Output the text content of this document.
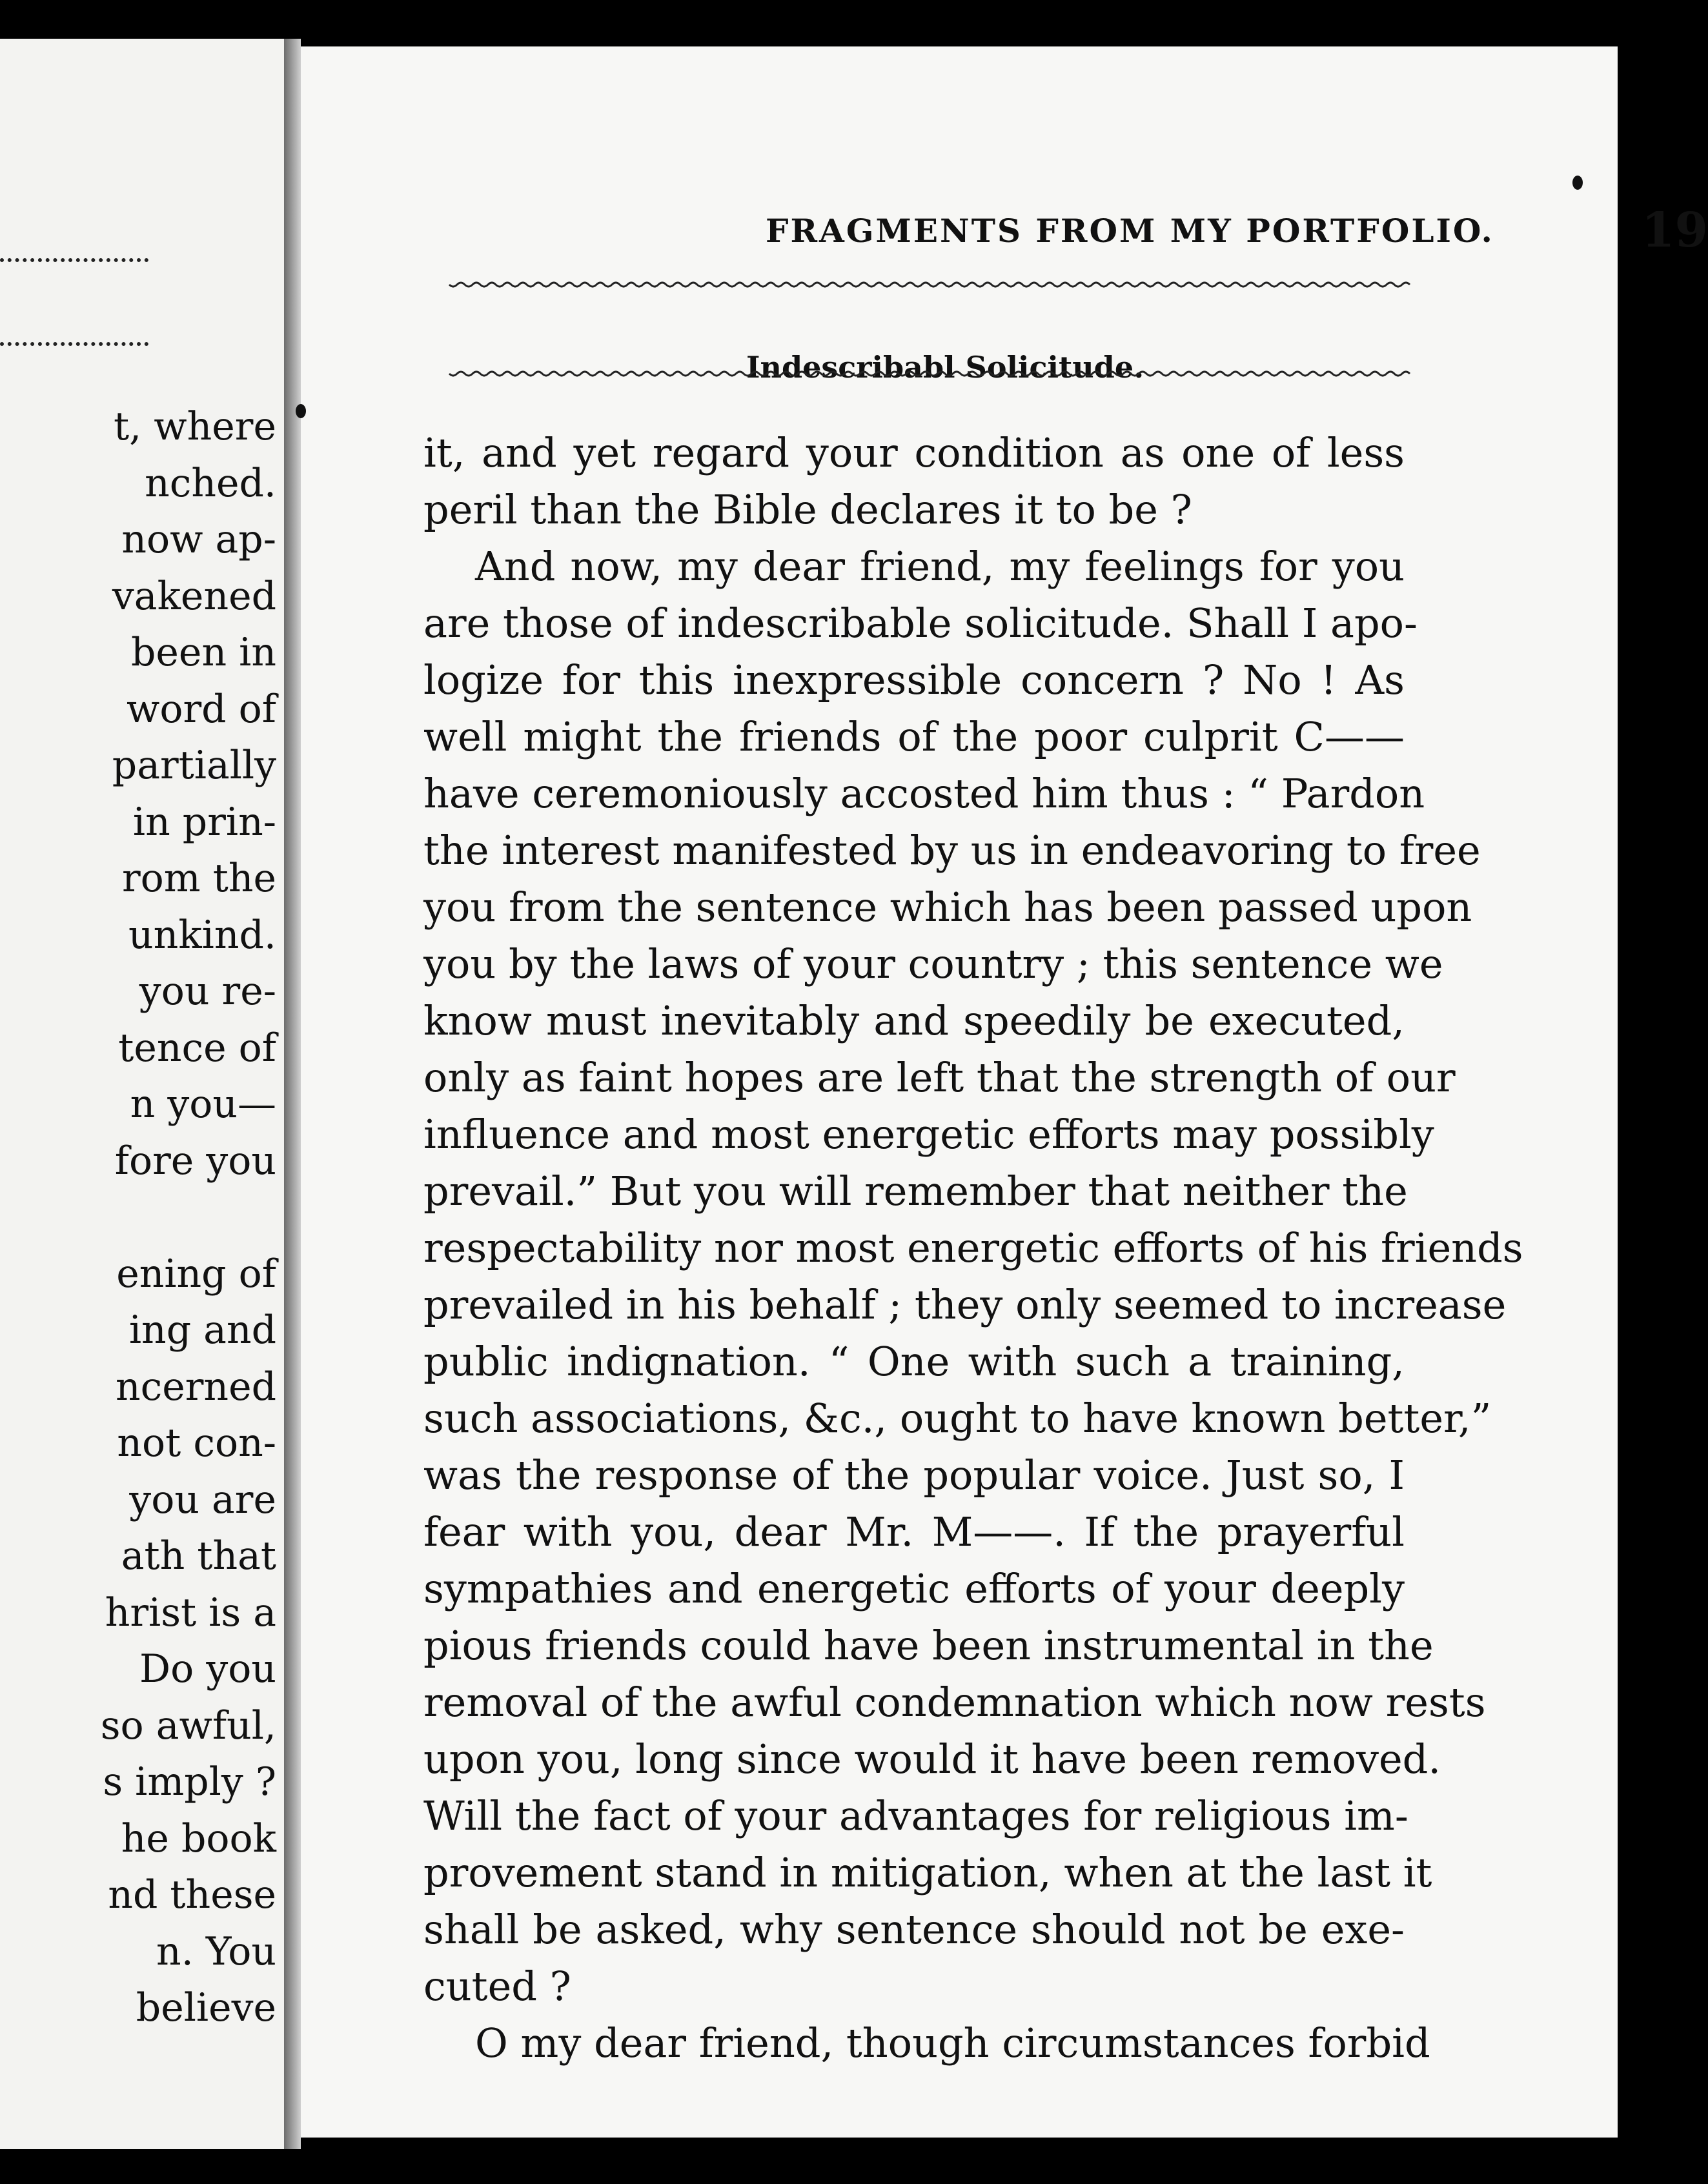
t, where
nched.
now ap-
vakened
been in
word of
partially
in prin-
rom the
unkind.
you re-
tence of
n you—
fore you
ening of
ing and
ncerned
not con-
you are
ath that
hrist is a
Do you
so awful,
s imply ?
he book
nd these
n. You
believe
FRAGMENTS FROM MY PORTFOLIO.	19
Indescribabl Solicitude.
it, and yet regard your condition as one of less
peril than the Bible declares it to be ?
And now, my dear friend, my feelings for you
are those of indescribable solicitude. Shall I apo-
logize for this inexpressible concern ? No ! As
well might the friends of the poor culprit C——
have ceremoniously accosted him thus : “ Pardon
the interest manifested by us in endeavoring to free
you from the sentence which has been passed upon
you by the laws of your country ; this sentence we
know must inevitably and speedily be executed,
only as faint hopes are left that the strength of our
influence and most energetic efforts may possibly
prevail.” But you will remember that neither the
respectability nor most energetic efforts of his friends
prevailed in his behalf ; they only seemed to increase
public indignation. “ One with such a training,
such associations, &c., ought to have known better,”
was the response of the popular voice. Just so, I
fear with you, dear Mr. M——. If the prayerful
sympathies and energetic efforts of your deeply
pious friends could have been instrumental in the
removal of the awful condemnation which now rests
upon you, long since would it have been removed.
Will the fact of your advantages for religious im-
provement stand in mitigation, when at the last it
shall be asked, why sentence should not be exe-
cuted ?
O my dear friend, though circumstances forbid
